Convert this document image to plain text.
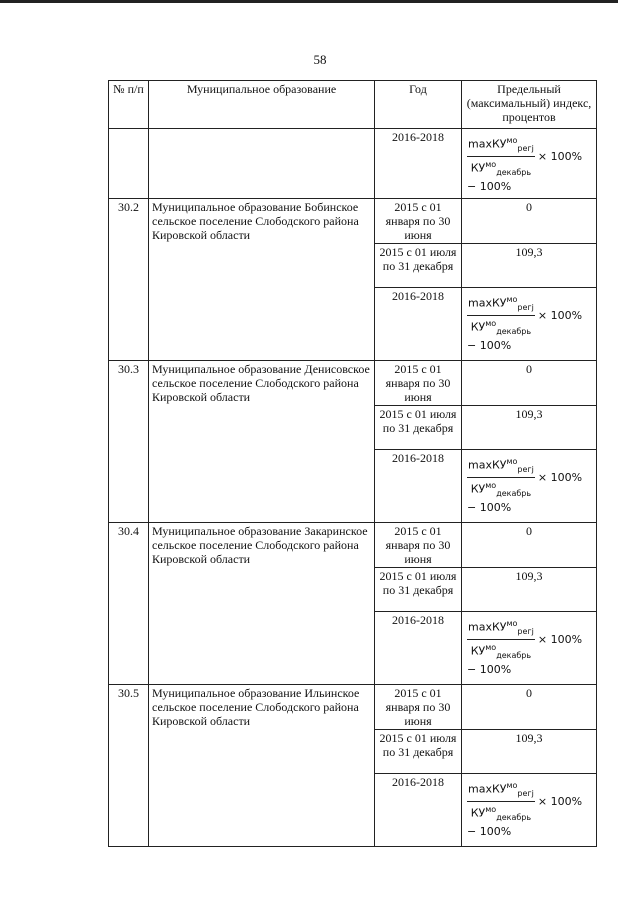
58
№ п/п	Муниципальное образование	Год	Предельный (максимальный) индекс, процентов
		2016-2018	maxКУ$^{мо}_{регj}$
$КУ^{мо}_{декабрь}$
× 100%
− 100%

30.2	Муниципальное образование Бобинское сельское поселение Слободского района Кировской области	2015 с 01 января по 30 июня	0
		2015 с 01 июля по 31 декабря	109,3
		2016-2018	maxКУ$^{мо}_{регj}$
$КУ^{мо}_{декабрь}$
× 100%
− 100%

30.3	Муниципальное образование Денисовское сельское поселение Слободского района Кировской области	2015 с 01 января по 30 июня	0
		2015 с 01 июля по 31 декабря	109,3
		2016-2018	maxКУ$^{мо}_{регj}$
$КУ^{мо}_{декабрь}$
× 100%
− 100%

30.4	Муниципальное образование Закаринское сельское поселение Слободского района Кировской области	2015 с 01 января по 30 июня	0
		2015 с 01 июля по 31 декабря	109,3
		2016-2018	maxКУ$^{мо}_{регj}$
$КУ^{мо}_{декабрь}$
× 100%
− 100%

30.5	Муниципальное образование Ильинское сельское поселение Слободского района Кировской области	2015 с 01 января по 30 июня	0
		2015 с 01 июля по 31 декабря	109,3
		2016-2018	maxКУ$^{мо}_{регj}$
$КУ^{мо}_{декабрь}$
× 100%
− 100%
